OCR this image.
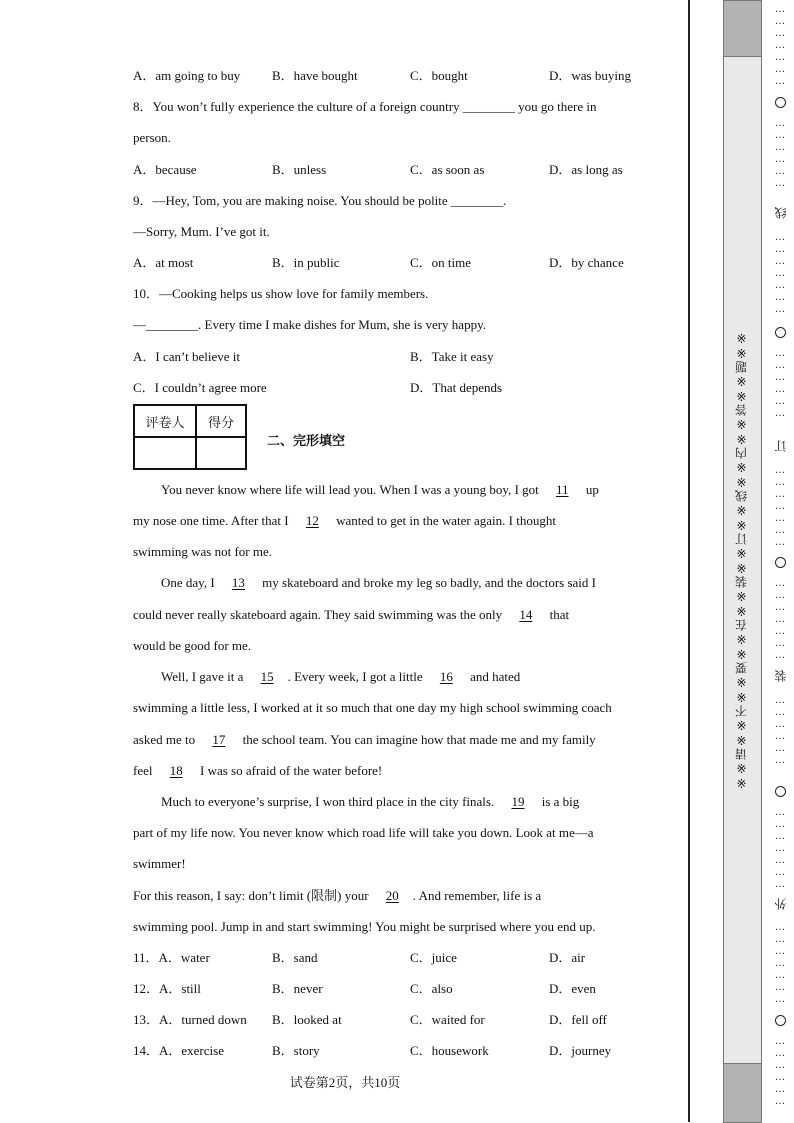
A．am going to buy B．have bought	C．bought	D．was buying
8．You won’t fully experience the culture of a foreign country ________ you go there in
person.
A．because	B．unless	C．as soon as	D．as long as
9．—Hey, Tom, you are making noise. You should be polite ________.
—Sorry, Mum. I’ve got it.
A．at most	B．in public	C．on time	D．by chance
10．—Cooking helps us show love for family members.
—________. Every time I make dishes for Mum, she is very happy.
A．I can’t believe it	B．Take it easy
C．I couldn’t agree more	D．That depends
评卷人	得分

二、完形填空
You never know where life will lead you. When I was a young boy, I got 11 up
my nose one time. After that I 12 wanted to get in the water again. I thought
swimming was not for me.
One day, I 13 my skateboard and broke my leg so badly, and the doctors said I
could never really skateboard again. They said swimming was the only 14 that
would be good for me.
Well, I gave it a 15 . Every week, I got a little 16 and hated
swimming a little less, I worked at it so much that one day my high school swimming coach
asked me to 17 the school team. You can imagine how that made me and my family
feel 18 I was so afraid of the water before!
Much to everyone’s surprise, I won third place in the city finals. 19 is a big
part of my life now. You never know which road life will take you down. Look at me—a
swimmer!
For this reason, I say: don’t limit (限制) your 20 . And remember, life is a
swimming pool. Jump in and start swimming! You might be surprised where you end up.
11．A．water	B．sand	C．juice	D．air
12．A．still	B．never	C．also	D．even
13．A．turned down B．looked at	C．waited for	D．fell off
14．A．exercise	B．story	C．housework	D．journey
试卷第2页，共10页
※※请※※不※※要※※在※※装※※订※※线※※内※※答※※题※※
…
…
…
…
…
…
…
…
…
…
…
…
…
线
…
…
…
…
…
…
…
…
…
…
…
…
…
订
…
…
…
…
…
…
…
…
…
…
…
…
…
…
装
…
…
…
…
…
…
…
…
…
…
…
…
…
外
…
…
…
…
…
…
…
…
…
…
…
…
…
